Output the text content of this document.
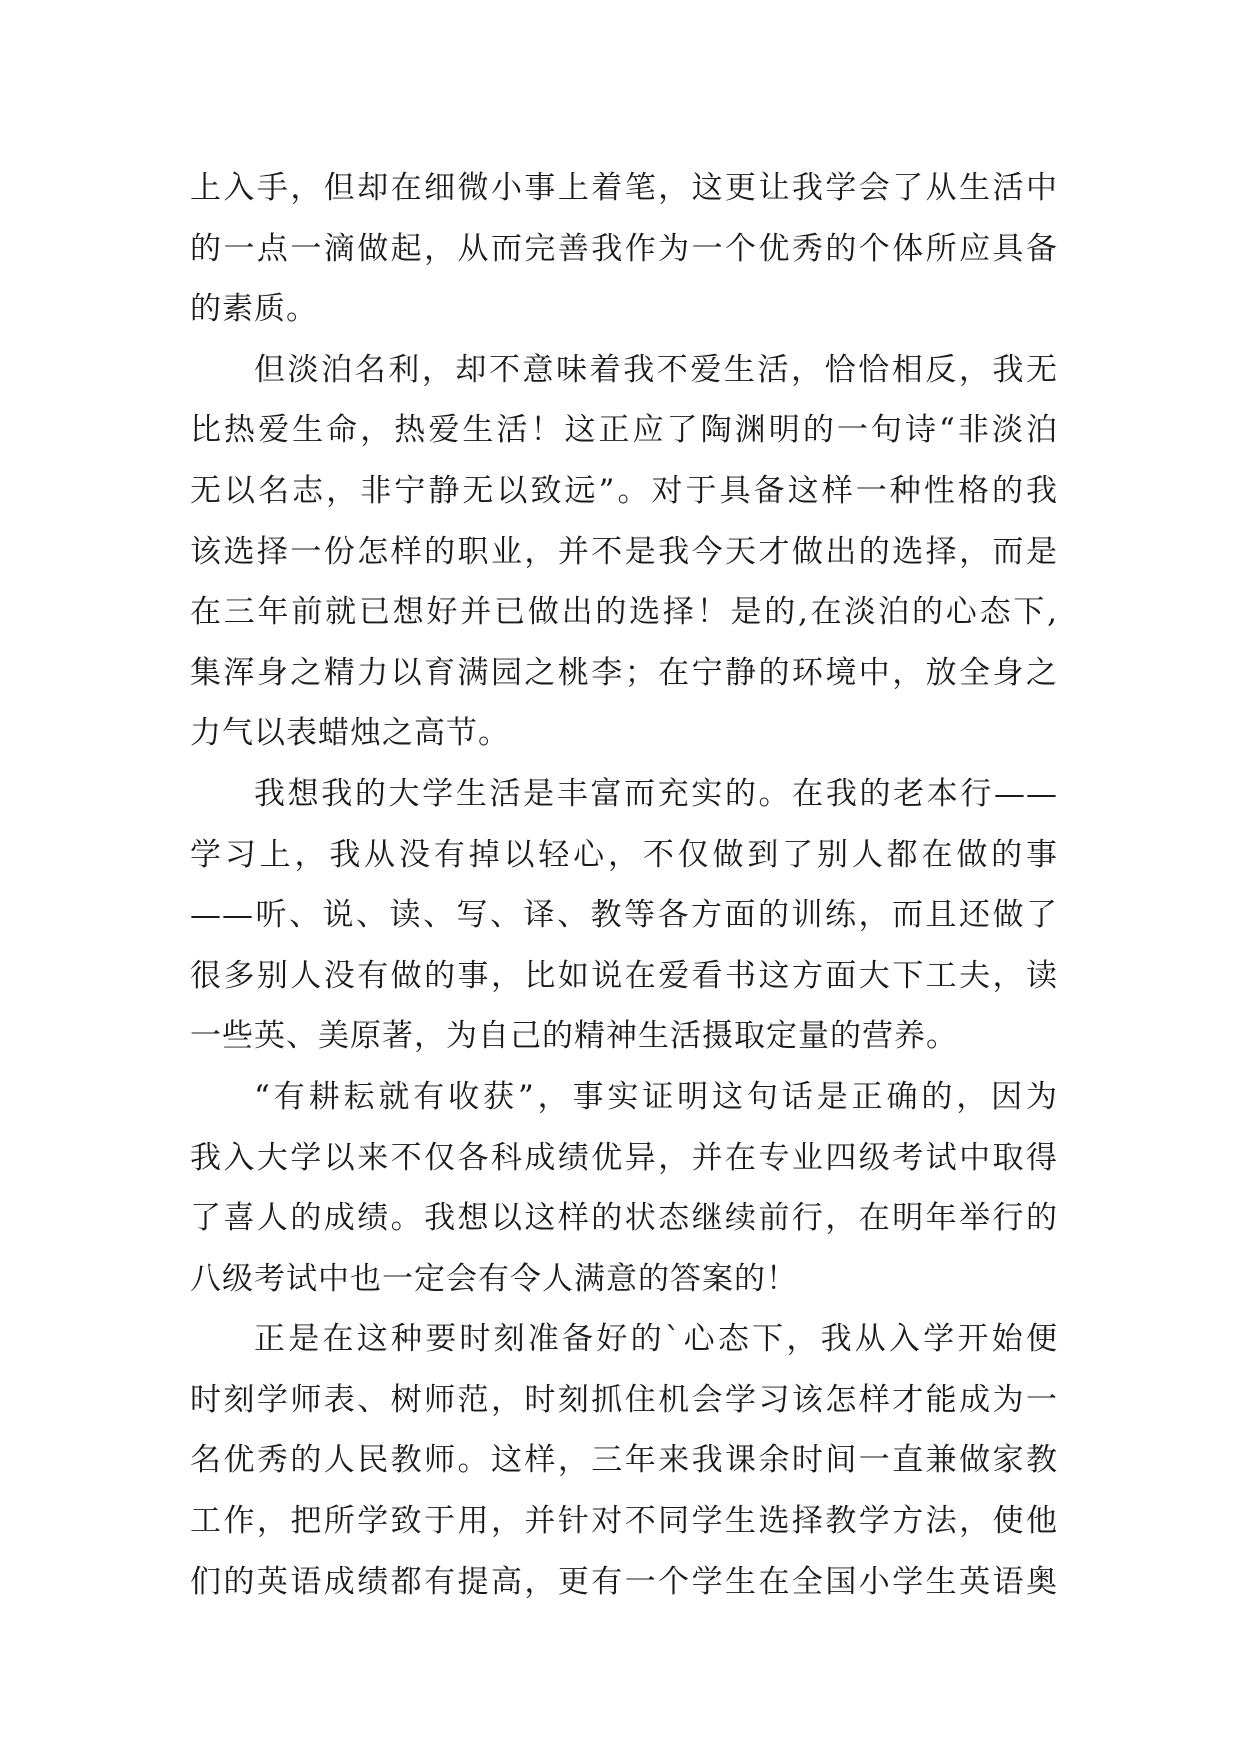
上入手，但却在细微小事上着笔，这更让我学会了从生活中
的一点一滴做起，从而完善我作为一个优秀的个体所应具备
的素质。
但淡泊名利，却不意味着我不爱生活，恰恰相反，我无
比热爱生命，热爱生活！这正应了陶渊明的一句诗“非淡泊
无以名志，非宁静无以致远”。对于具备这样一种性格的我
该选择一份怎样的职业，并不是我今天才做出的选择，而是
在三年前就已想好并已做出的选择！是的,在淡泊的心态下,
集浑身之精力以育满园之桃李；在宁静的环境中，放全身之
力气以表蜡烛之高节。
我想我的大学生活是丰富而充实的。在我的老本行——
学习上，我从没有掉以轻心，不仅做到了别人都在做的事
——听、说、读、写、译、教等各方面的训练，而且还做了
很多别人没有做的事，比如说在爱看书这方面大下工夫，读
一些英、美原著，为自己的精神生活摄取定量的营养。
“有耕耘就有收获”，事实证明这句话是正确的，因为
我入大学以来不仅各科成绩优异，并在专业四级考试中取得
了喜人的成绩。我想以这样的状态继续前行，在明年举行的
八级考试中也一定会有令人满意的答案的！
正是在这种要时刻准备好的`心态下，我从入学开始便
时刻学师表、树师范，时刻抓住机会学习该怎样才能成为一
名优秀的人民教师。这样，三年来我课余时间一直兼做家教
工作，把所学致于用，并针对不同学生选择教学方法，使他
们的英语成绩都有提高，更有一个学生在全国小学生英语奥
